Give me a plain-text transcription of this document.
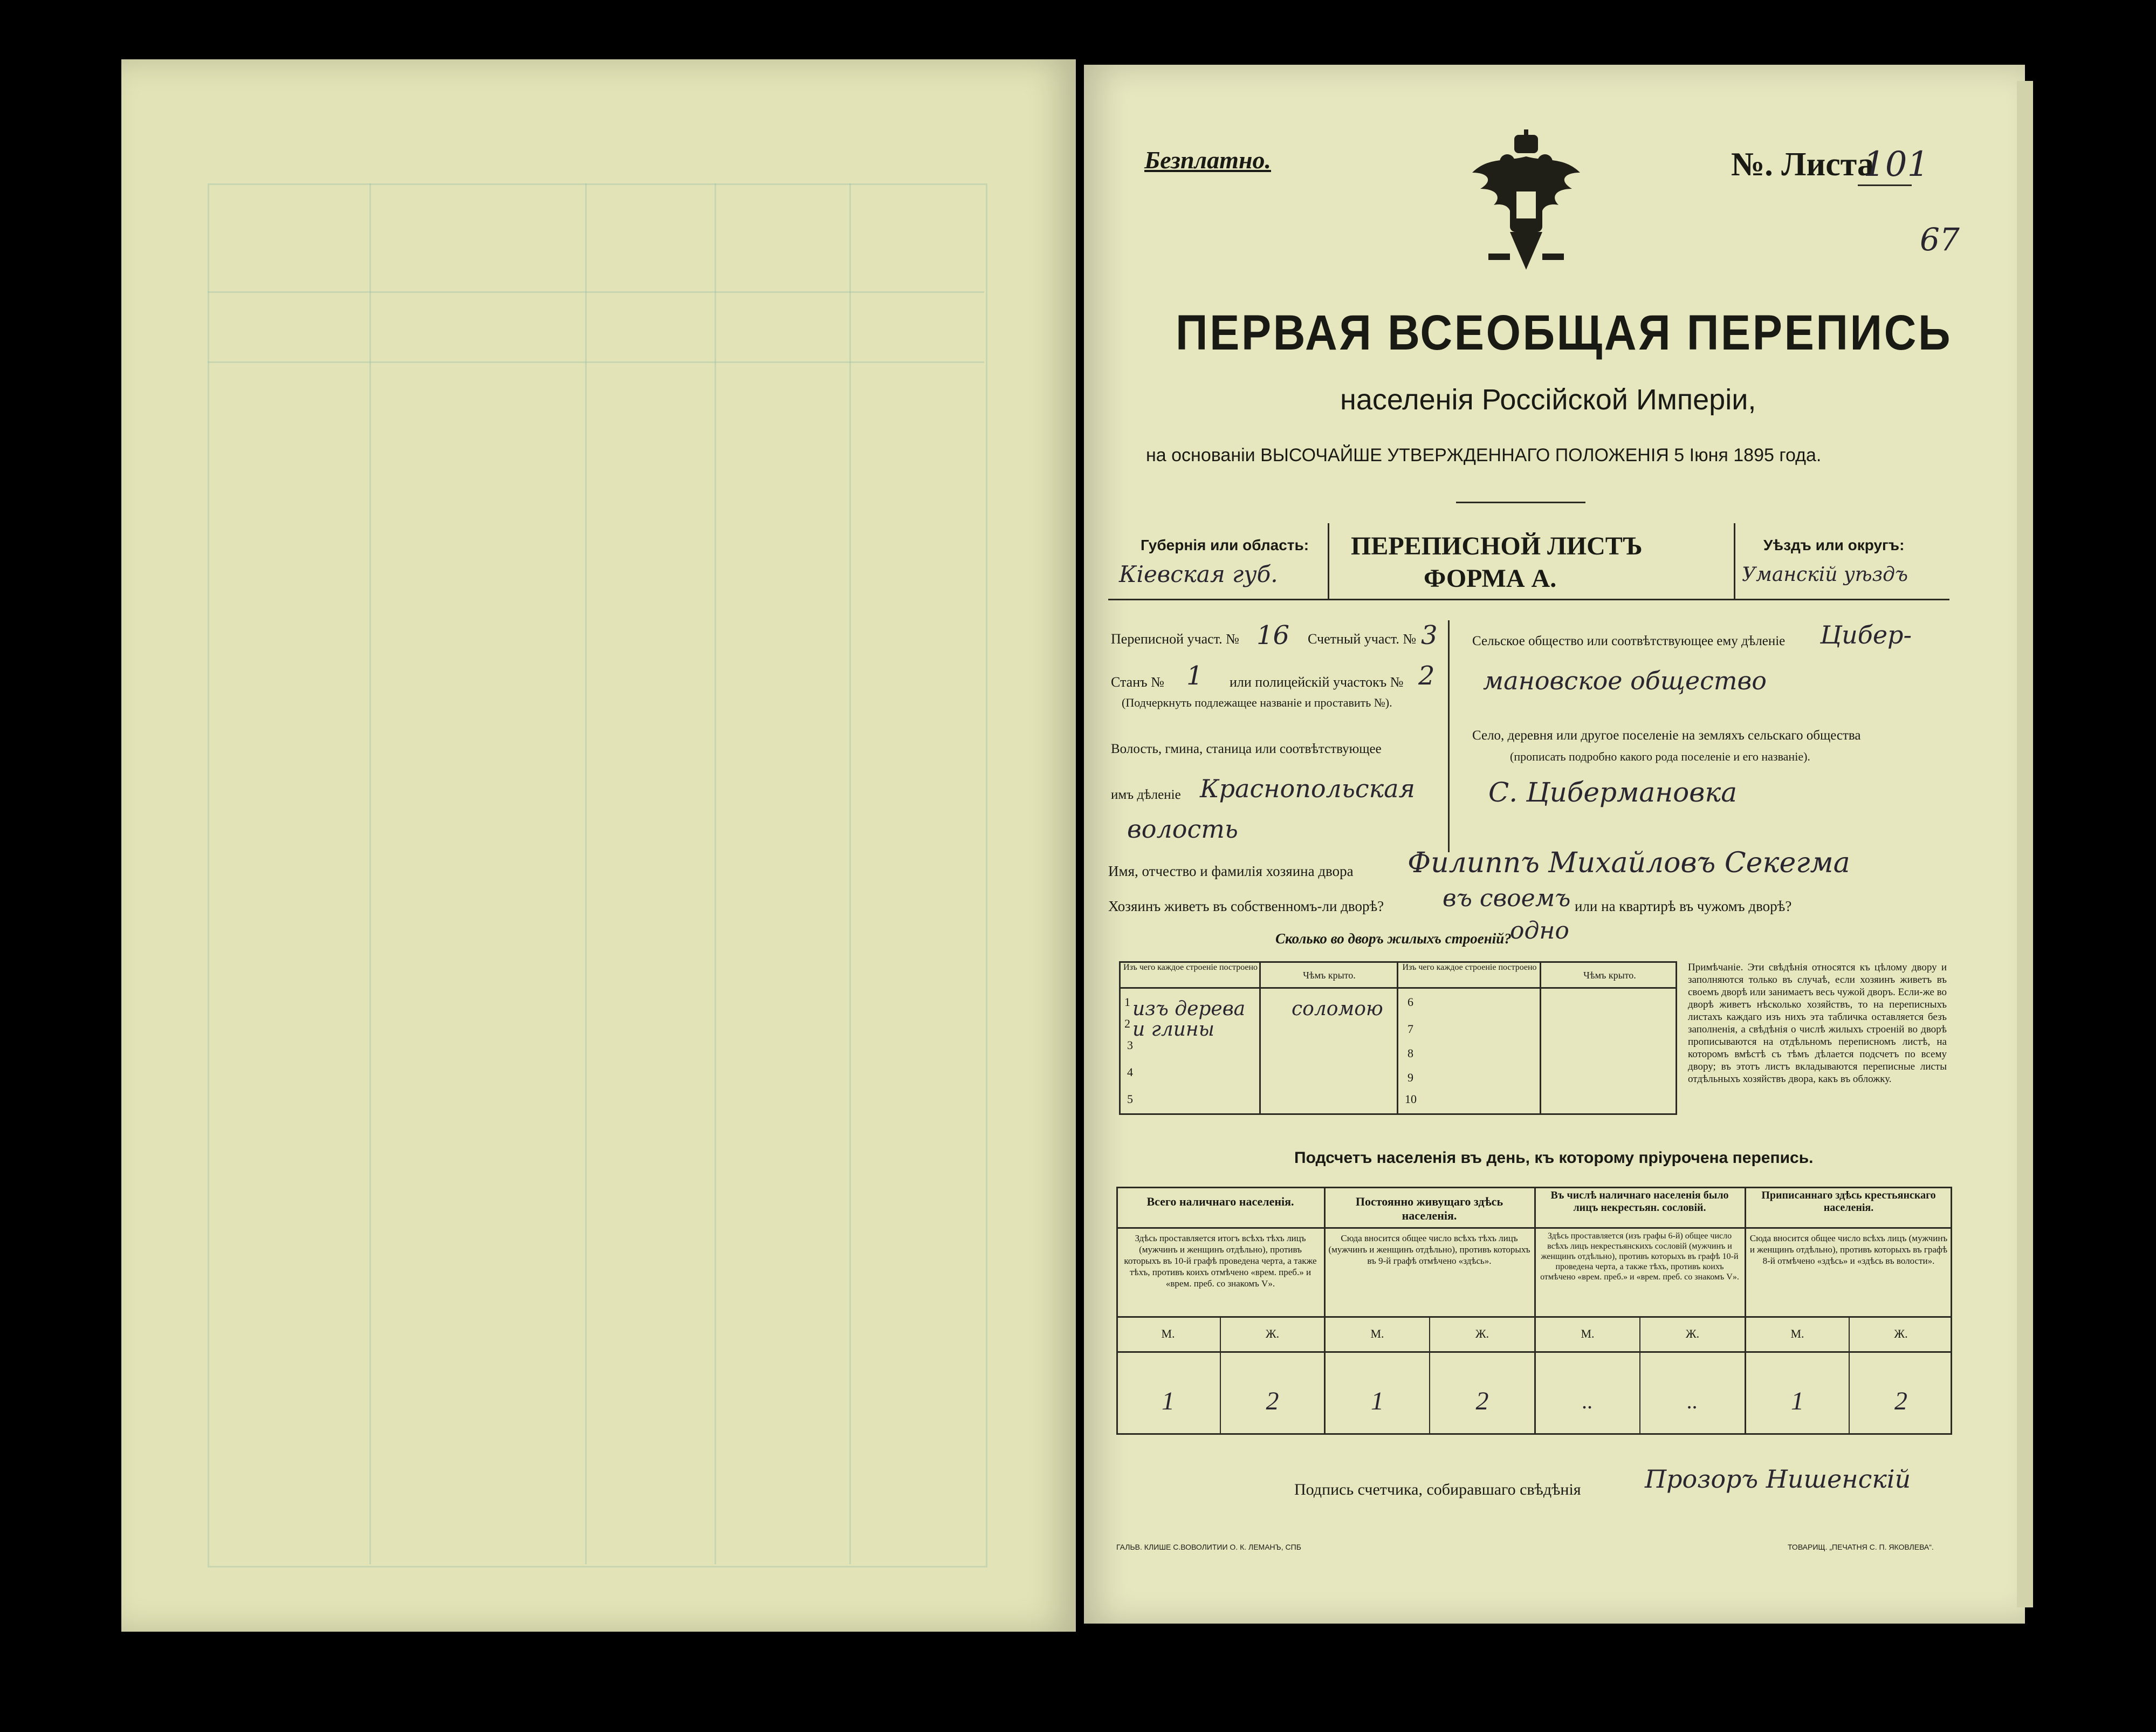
Безплатно.	№. Листа
101
67
ПЕРВАЯ ВСЕОБЩАЯ ПЕРЕПИСЬ
населенія Россійской Имперіи,
на основаніи ВЫСОЧАЙШЕ УТВЕРЖДЕННАГО ПОЛОЖЕНІЯ 5 Іюня 1895 года.
Губернія или область:
Кіевская губ.
ПЕРЕПИСНОЙ ЛИСТЪ
ФОРМА А.
Уѣздъ или округъ:
Уманскій уѣздъ
Переписной участ. № 16 Счетный участ. № 3
Станъ № 1 или полицейскій участокъ № 2
(Подчеркнуть подлежащее названіе и проставить №).
Волость, гмина, станица или соотвѣтствующее
имъ дѣленіе Краснопольская
волость
Сельское общество или соотвѣтствующее ему дѣленіе Цибер-
мановское общество
Село, деревня или другое поселеніе на земляхъ сельскаго общества
(прописать подробно какого рода поселеніе и его названіе).
С. Цибермановка
Имя, отчество и фамилія хозяина двора Филиппъ Михайловъ Секегма
Хозяинъ живетъ въ собственномъ-ли дворѣ? въ своемъ или на квартирѣ въ чужомъ дворѣ?
Сколько во дворъ жилыхъ строеній?
одно
Изъ чего каждое строеніе построено
Чѣмъ крыто.
Изъ чего каждое строеніе построено
Чѣмъ крыто.
1 изъ дерева соломою
2 и глины
3
4
5
6
7
8
9
10
Примѣчаніе. Эти свѣдѣнія относятся къ цѣлому двору и заполняются только въ случаѣ, если хозяинъ живетъ въ своемъ дворѣ или занимаетъ весь чужой дворъ. Если-же во дворѣ живетъ нѣсколько хозяйствъ, то на переписныхъ листахъ каждаго изъ нихъ эта табличка оставляется безъ заполненія, а свѣдѣнія о числѣ жилыхъ строеній во дворѣ прописываются на отдѣльномъ переписномъ листѣ, на которомъ вмѣстѣ съ тѣмъ дѣлается подсчетъ по всему двору; въ этотъ листъ вкладываются переписные листы отдѣльныхъ хозяйствъ двора, какъ въ обложку.
Подсчетъ населенія въ день, къ которому пріурочена перепись.
Всего наличнаго населенія.
Здѣсь проставляется итогъ всѣхъ тѣхъ лицъ (мужчинъ и женщинъ отдѣльно), противъ которыхъ въ 10-й графѣ проведена черта, а также тѣхъ, противъ коихъ отмѣчено «врем. преб.» и «врем. преб. со знакомъ V».
Постоянно живущаго здѣсь населенія.
Сюда вносится общее число всѣхъ тѣхъ лицъ (мужчинъ и женщинъ отдѣльно), противъ которыхъ въ 9-й графѣ отмѣчено «здѣсь».
Въ числѣ наличнаго населенія было лицъ некрестьян. сословій.
Здѣсь проставляется (изъ графы 6-й) общее число всѣхъ лицъ некрестьянскихъ сословій (мужчинъ и женщинъ отдѣльно), противъ которыхъ въ графѣ 10-й проведена черта, а также тѣхъ, противъ коихъ отмѣчено «врем. преб.» и «врем. преб. со знакомъ V».
Приписаннаго здѣсь крестьянскаго населенія.
Сюда вносится общее число всѣхъ лицъ (мужчинъ и женщинъ отдѣльно), противъ которыхъ въ графѣ 8-й отмѣчено «здѣсь» и «здѣсь въ волости».
М.	Ж.	М.	Ж.	М.	Ж.	М.	Ж.
1	2	1	2	..	..	1	2
Подпись счетчика, собиравшаго свѣдѣнія	Прозоръ Нишенскій
ГАЛЬВ. КЛИШЕ С.ВОВОЛИТИИ О. К. ЛЕМАНЪ, СПБ	ТОВАРИЩ. „ПЕЧАТНЯ С. П. ЯКОВЛЕВА“.
